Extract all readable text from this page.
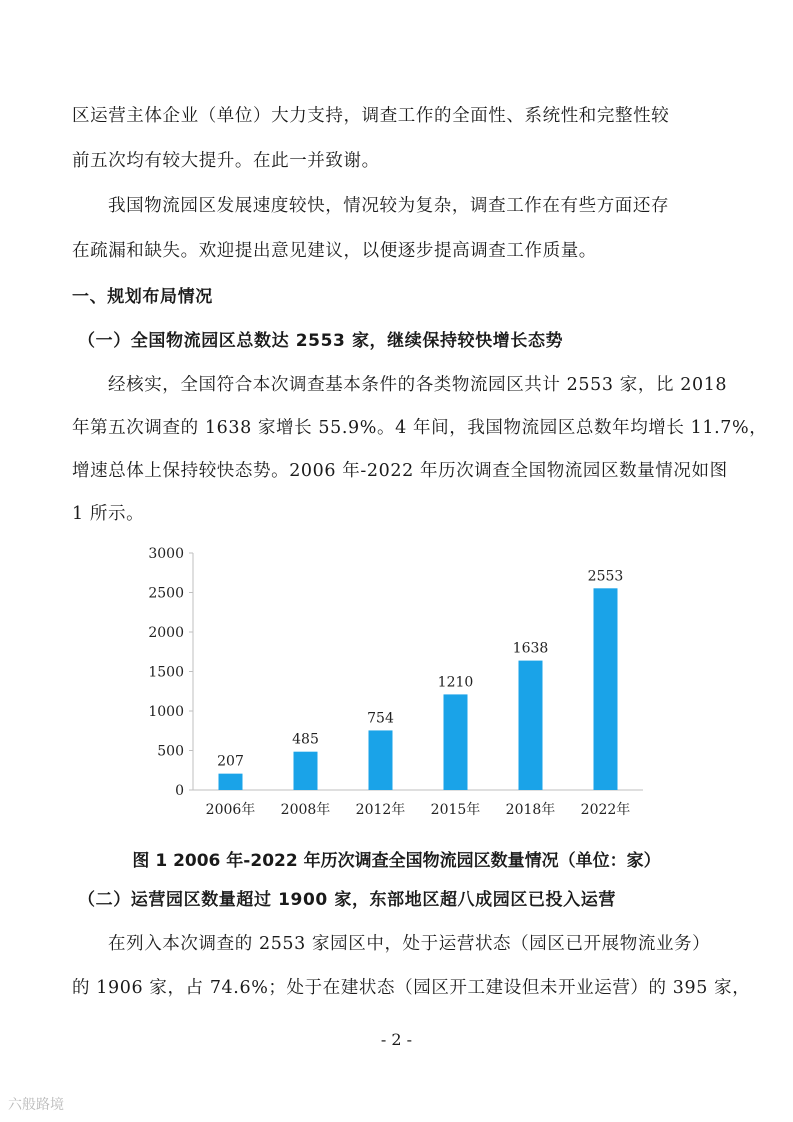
区运营主体企业（单位）大力支持，调查工作的全面性、系统性和完整性较
前五次均有较大提升。在此一并致谢。
我国物流园区发展速度较快，情况较为复杂，调查工作在有些方面还存
在疏漏和缺失。欢迎提出意见建议，以便逐步提高调查工作质量。
一、规划布局情况
（一）全国物流园区总数达 2553 家，继续保持较快增长态势
经核实，全国符合本次调查基本条件的各类物流园区共计 2553 家，比 2018
年第五次调查的 1638 家增长 55.9%。4 年间，我国物流园区总数年均增长 11.7%，
增速总体上保持较快态势。2006 年-2022 年历次调查全国物流园区数量情况如图
1 所示。
0
500
1000
1500
2000
2500
3000
207
2006年
485
2008年
754
2012年
1210
2015年
1638
2018年
2553
2022年
图 1 2006 年-2022 年历次调查全国物流园区数量情况（单位：家）
（二）运营园区数量超过 1900 家，东部地区超八成园区已投入运营
在列入本次调查的 2553 家园区中，处于运营状态（园区已开展物流业务）
的 1906 家，占 74.6%；处于在建状态（园区开工建设但未开业运营）的 395 家，
- 2 -
六般路境
